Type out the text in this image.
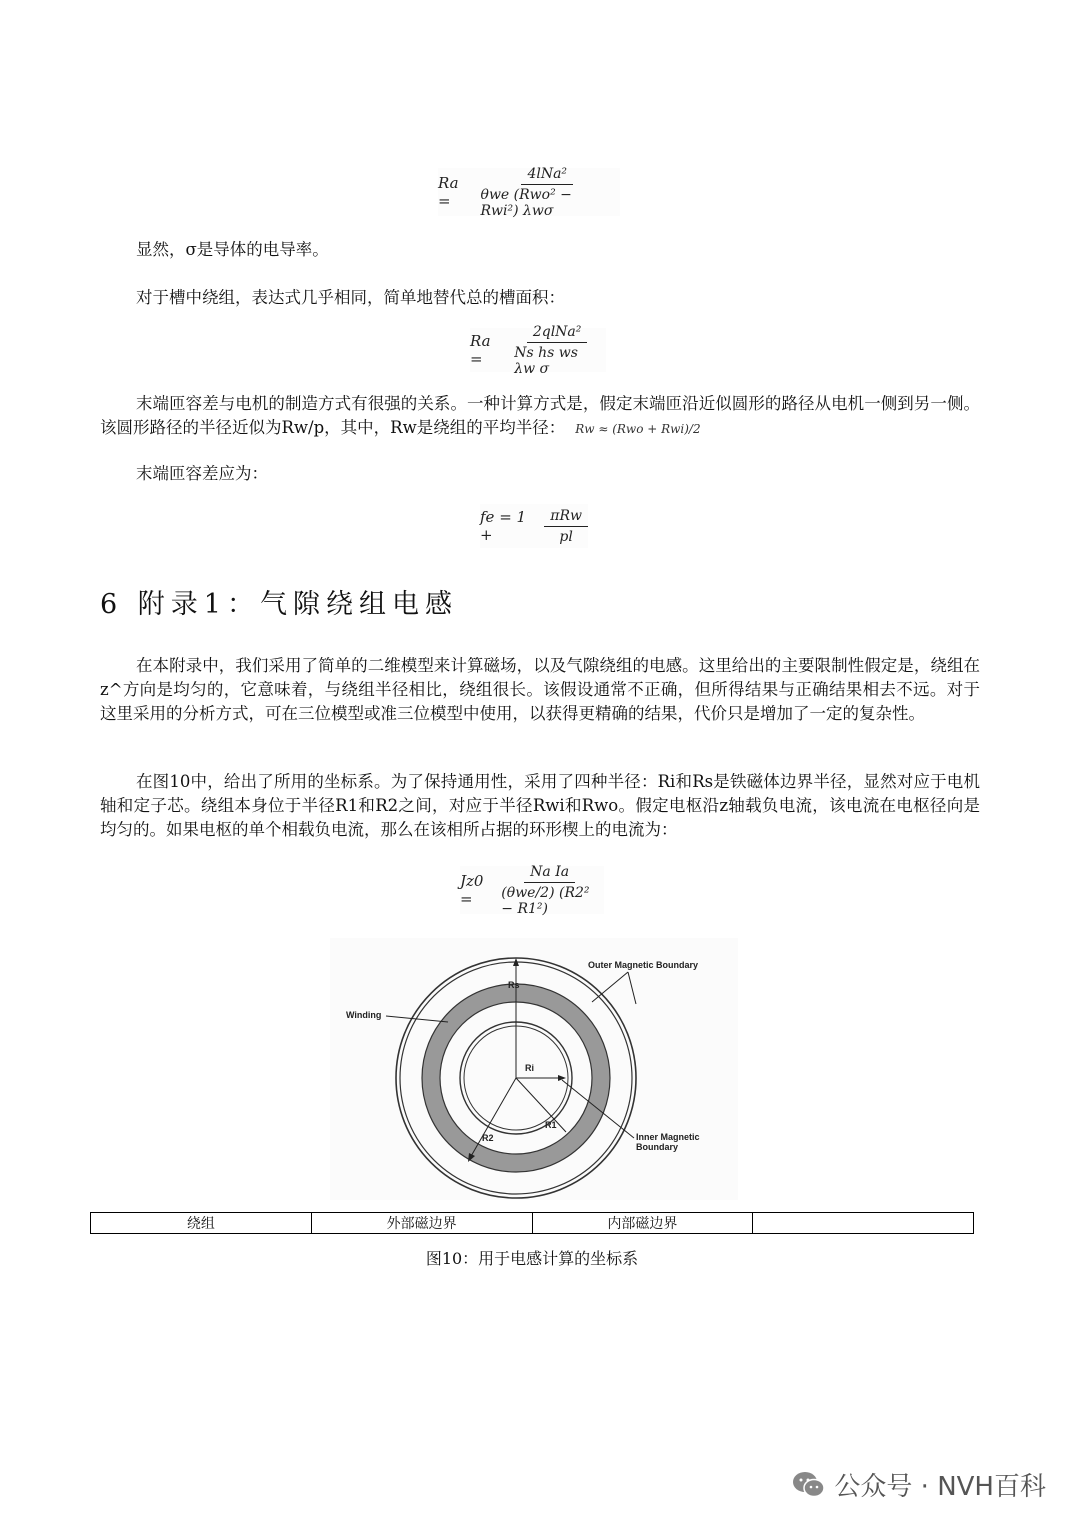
Ra =	$\frac{\text{4lNa²}}{\text{θwe (Rwo² − Rwi²) λwσ}}$

显然，σ是导体的电导率。

对于槽中绕组，表达式几乎相同，简单地替代总的槽面积：

Ra =	$\frac{\text{2qlNa²}}{\text{Ns hs ws λw σ}}$

末端匝容差与电机的制造方式有很强的关系。一种计算方式是，假定末端匝沿近似圆形的路径从电机一侧到另一侧。该圆形路径的半径近似为Rw/p，其中，Rw是绕组的平均半径： Rw ≈ (Rwo + Rwi)/2

末端匝容差应为：

fe = 1 +	$\frac{\text{πRw}}{pl}$
6 附录1：气隙绕组电感

在本附录中，我们采用了简单的二维模型来计算磁场，以及气隙绕组的电感。这里给出的主要限制性假定是，绕组在z^方向是均匀的，它意味着，与绕组半径相比，绕组很长。该假设通常不正确，但所得结果与正确结果相去不远。对于这里采用的分析方式，可在三位模型或准三位模型中使用，以获得更精确的结果，代价只是增加了一定的复杂性。

在图10中，给出了所用的坐标系。为了保持通用性，采用了四种半径：Ri和Rs是铁磁体边界半径，显然对应于电机轴和定子芯。绕组本身位于半径R1和R2之间，对应于半径Rwi和Rwo。假定电枢沿z轴载负电流，该电流在电枢径向是均匀的。如果电枢的单个相载负电流，那么在该相所占据的环形楔上的电流为：

Jz0 =	$\frac{\text{Na Ia}}{\text{(θwe/2) (R2² − R1²)}}$
Rs
Ri
R1
R2
Outer Magnetic Boundary
Winding
Inner Magnetic
Boundary
绕组	外部磁边界	内部磁边界	
图10：用于电感计算的坐标系
公众号 · NVH百科
